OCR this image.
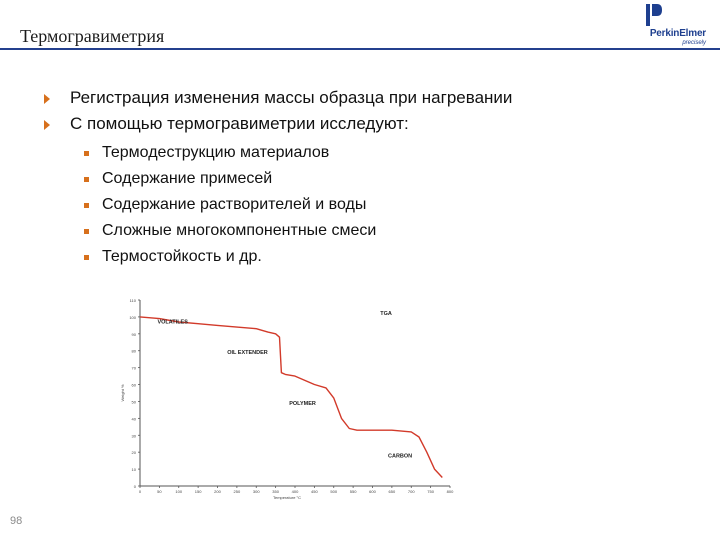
Термогравиметрия	PerkinElmer
precisely
Регистрация изменения массы образца при нагревании
С помощью термогравиметрии исследуют:
Термодеструкцию материалов
Содержание примесей
Содержание растворителей и воды
Сложные многокомпонентные смеси
Термостойкость и др.
0
10
20
30
40
50
60
70
80
90
100
110
0	50	100	150	200	250	300	350	400	450	500	550	600	650	700	750	800
Temperature °C
Weight %
VOLATILES
OIL EXTENDER
TGA
POLYMER
CARBON
98
